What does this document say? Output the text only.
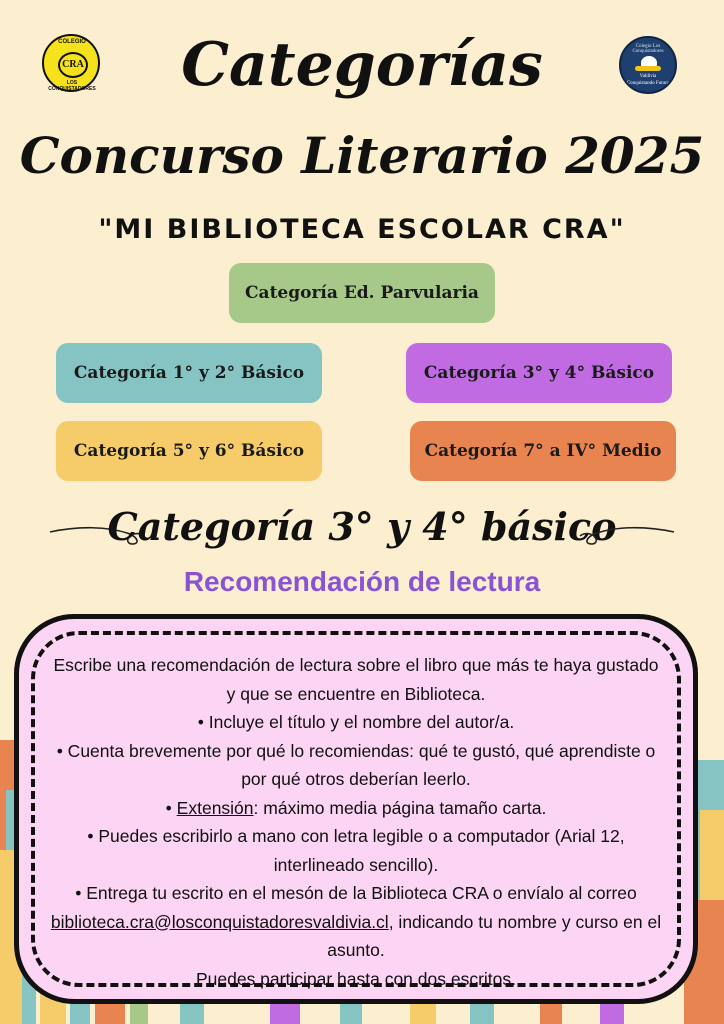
COLEGIO
CRA
LOS CONQUISTADORES
Colegio Los Conquistadores
Valdivia
Conquistando Futuro
Categorías
Concurso Literario 2025
"MI BIBLIOTECA ESCOLAR CRA"
Categoría Ed. Parvularia
Categoría 1° y 2° Básico	Categoría 3° y 4° Básico
Categoría 5° y 6° Básico	Categoría 7° a IV° Medio
Categoría 3° y 4° básico
Recomendación de lectura

Escribe una recomendación de lectura sobre el libro que más te haya gustado y que se encuentre en Biblioteca.

• Incluye el título y el nombre del autor/a.

• Cuenta brevemente por qué lo recomiendas: qué te gustó, qué aprendiste o por qué otros deberían leerlo.

• Extensión: máximo media página tamaño carta.

• Puedes escribirlo a mano con letra legible o a computador (Arial 12, interlineado sencillo).

• Entrega tu escrito en el mesón de la Biblioteca CRA o envíalo al correo biblioteca.cra@losconquistadoresvaldivia.cl, indicando tu nombre y curso en el asunto.

Puedes participar hasta con dos escritos.
